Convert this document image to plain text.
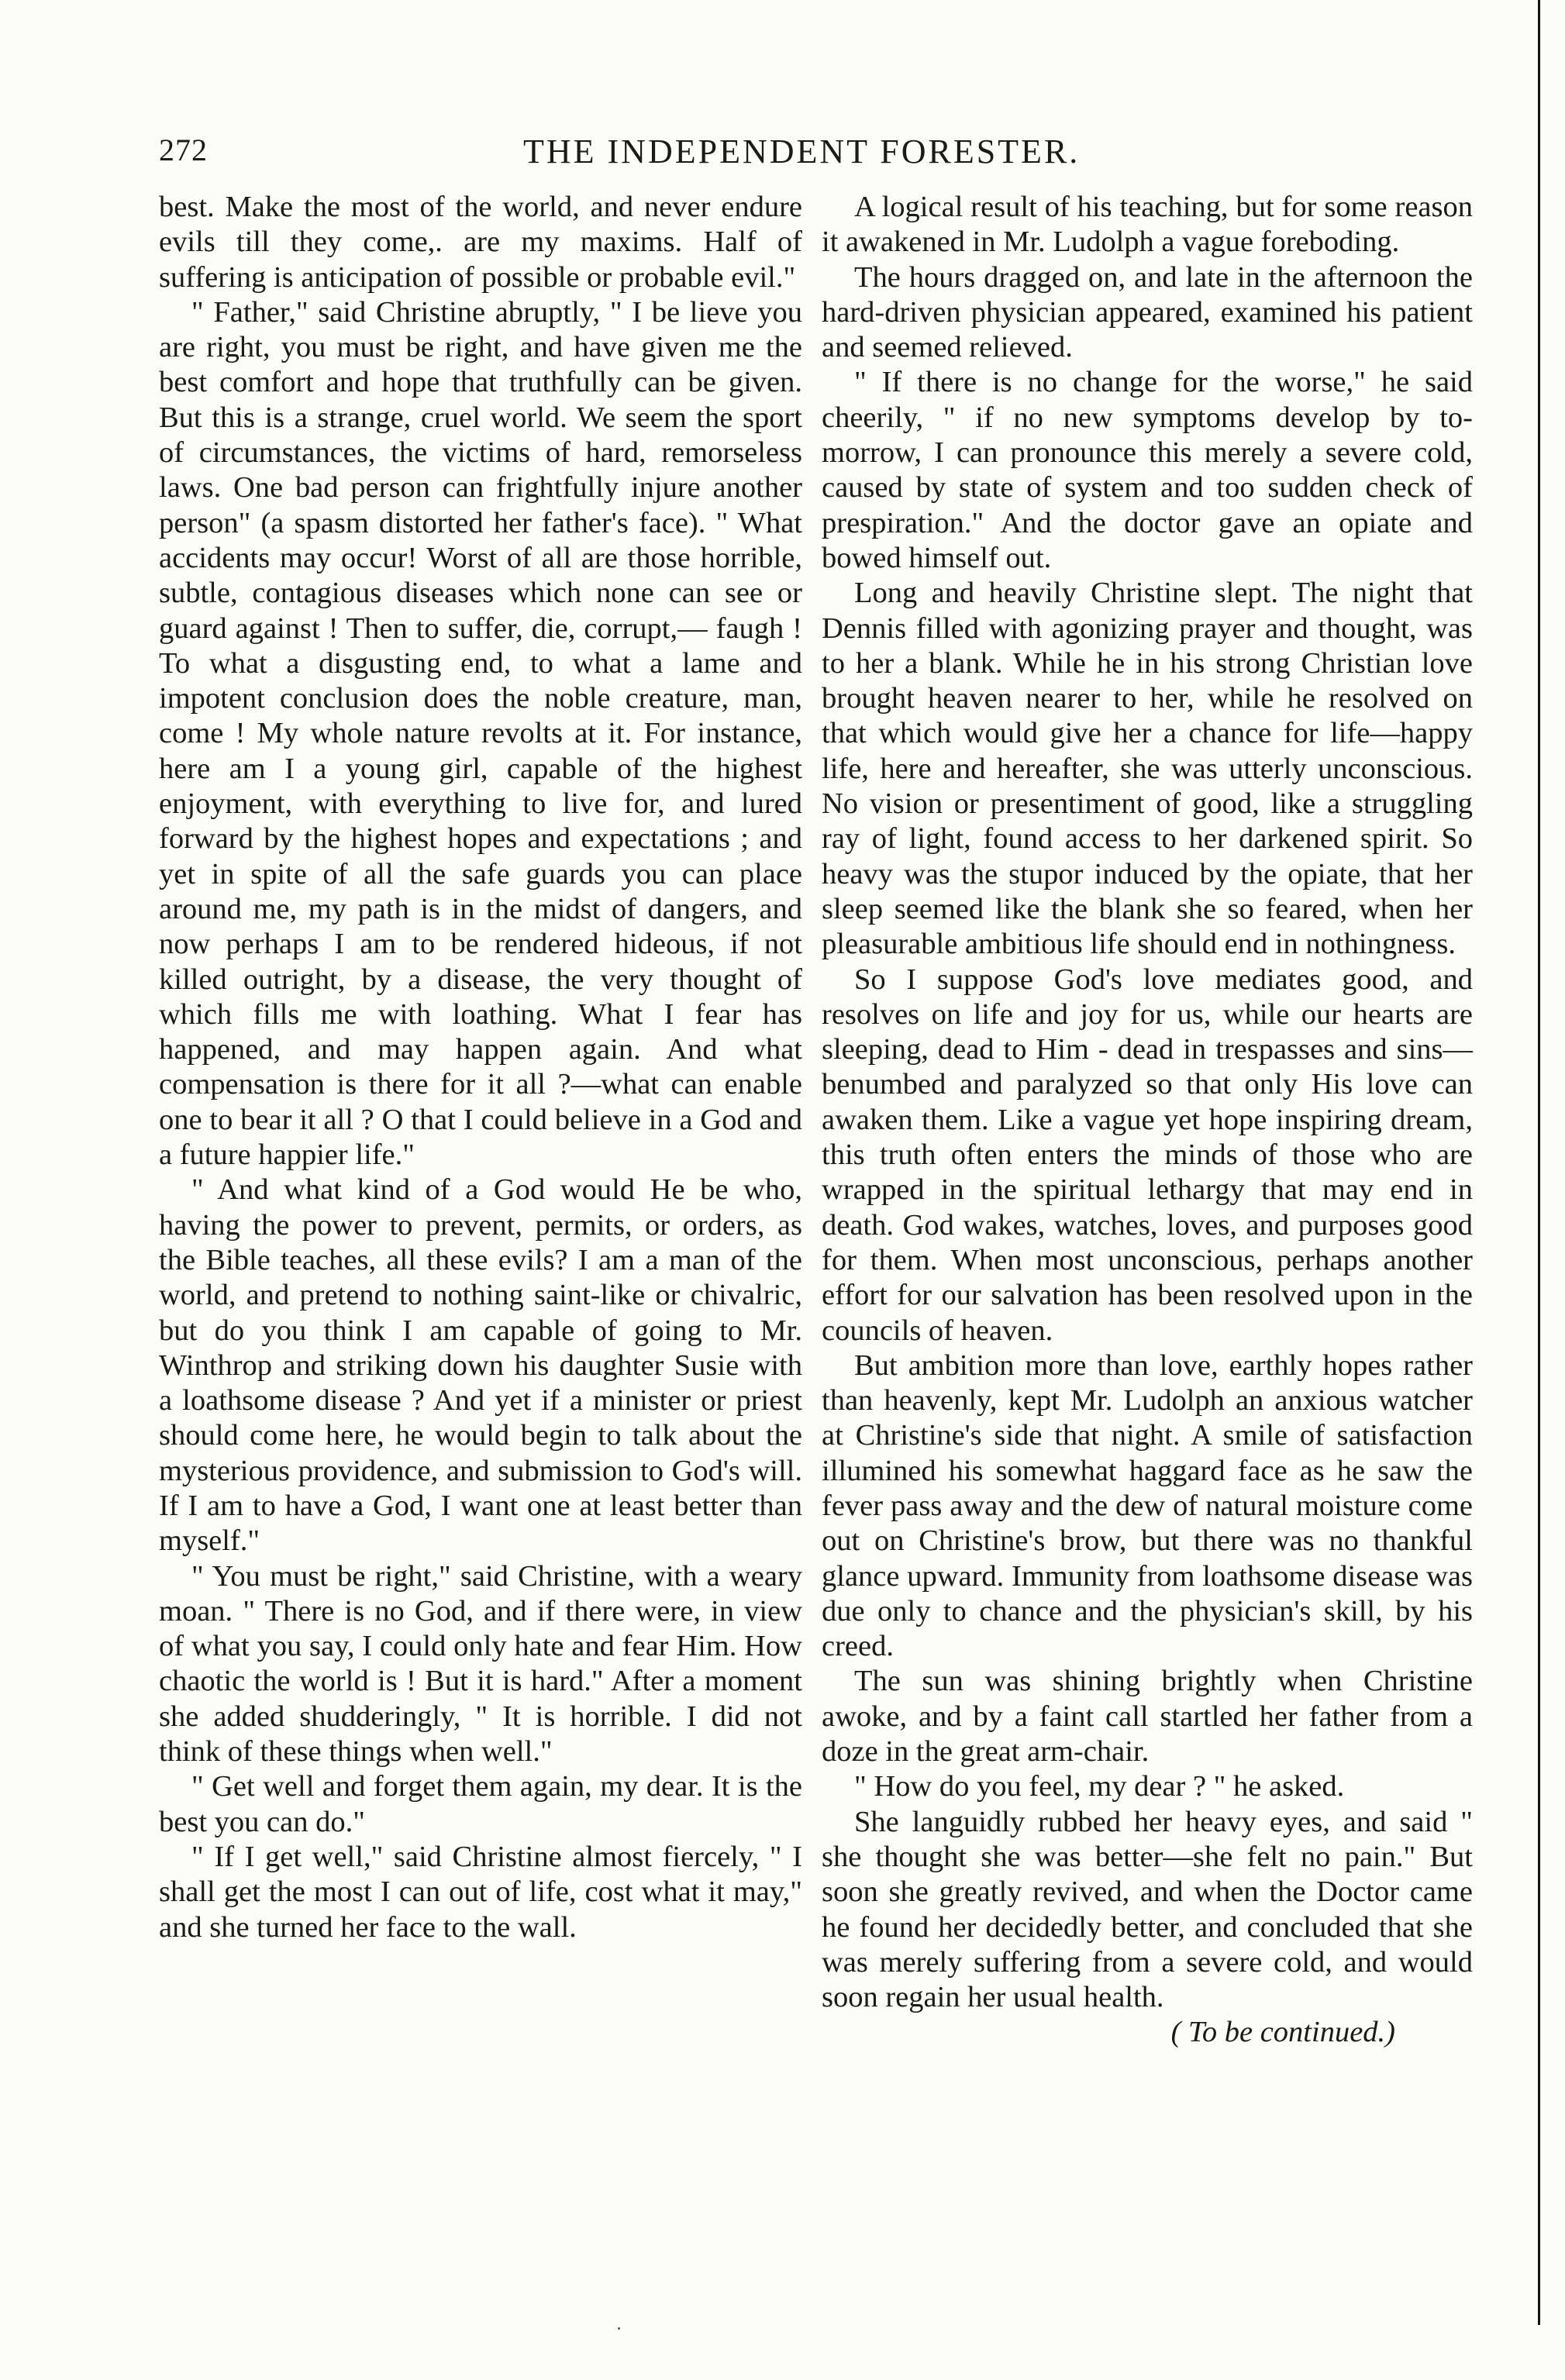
272	THE INDEPENDENT FORESTER.

best. Make the most of the world, and never endure evils till they come,. are my maxims. Half of suffering is anticipation of possible or probable evil."

" Father," said Christine abruptly, " I be lieve you are right, you must be right, and have given me the best comfort and hope that truthfully can be given. But this is a strange, cruel world. We seem the sport of circumstances, the victims of hard, remorseless laws. One bad person can frightfully injure another person" (a spasm distorted her father's face). " What accidents may occur! Worst of all are those horrible, subtle, contagious diseases which none can see or guard against ! Then to suffer, die, corrupt,— faugh ! To what a disgusting end, to what a lame and impotent conclusion does the noble creature, man, come ! My whole nature revolts at it. For instance, here am I a young girl, capable of the highest enjoyment, with everything to live for, and lured forward by the highest hopes and expectations ; and yet in spite of all the safe guards you can place around me, my path is in the midst of dangers, and now perhaps I am to be rendered hideous, if not killed outright, by a disease, the very thought of which fills me with loathing. What I fear has happened, and may happen again. And what compensation is there for it all ?—what can enable one to bear it all ? O that I could believe in a God and a future happier life."

" And what kind of a God would He be who, having the power to prevent, permits, or orders, as the Bible teaches, all these evils? I am a man of the world, and pretend to nothing saint-like or chivalric, but do you think I am capable of going to Mr. Winthrop and striking down his daughter Susie with a loathsome disease ? And yet if a minister or priest should come here, he would begin to talk about the mysterious providence, and submission to God's will. If I am to have a God, I want one at least better than myself."

" You must be right," said Christine, with a weary moan. " There is no God, and if there were, in view of what you say, I could only hate and fear Him. How chaotic the world is ! But it is hard." After a moment she added shudderingly, " It is horrible. I did not think of these things when well."

" Get well and forget them again, my dear. It is the best you can do."

" If I get well," said Christine almost fiercely, " I shall get the most I can out of life, cost what it may," and she turned her face to the wall.

A logical result of his teaching, but for some reason it awakened in Mr. Ludolph a vague foreboding.

The hours dragged on, and late in the afternoon the hard-driven physician appeared, examined his patient and seemed relieved.

" If there is no change for the worse," he said cheerily, " if no new symptoms develop by to-morrow, I can pronounce this merely a severe cold, caused by state of system and too sudden check of prespiration." And the doctor gave an opiate and bowed himself out.

Long and heavily Christine slept. The night that Dennis filled with agonizing prayer and thought, was to her a blank. While he in his strong Christian love brought heaven nearer to her, while he resolved on that which would give her a chance for life—happy life, here and hereafter, she was utterly unconscious. No vision or presentiment of good, like a struggling ray of light, found access to her darkened spirit. So heavy was the stupor induced by the opiate, that her sleep seemed like the blank she so feared, when her pleasurable ambitious life should end in nothingness.

So I suppose God's love mediates good, and resolves on life and joy for us, while our hearts are sleeping, dead to Him - dead in trespasses and sins—benumbed and paralyzed so that only His love can awaken them. Like a vague yet hope inspiring dream, this truth often enters the minds of those who are wrapped in the spiritual lethargy that may end in death. God wakes, watches, loves, and purposes good for them. When most unconscious, perhaps another effort for our salvation has been resolved upon in the councils of heaven.

But ambition more than love, earthly hopes rather than heavenly, kept Mr. Ludolph an anxious watcher at Christine's side that night. A smile of satisfaction illumined his somewhat haggard face as he saw the fever pass away and the dew of natural moisture come out on Christine's brow, but there was no thankful glance upward. Immunity from loathsome disease was due only to chance and the physician's skill, by his creed.

The sun was shining brightly when Christine awoke, and by a faint call startled her father from a doze in the great arm-chair.

" How do you feel, my dear ? " he asked.

She languidly rubbed her heavy eyes, and said " she thought she was better—she felt no pain." But soon she greatly revived, and when the Doctor came he found her decidedly better, and concluded that she was merely suffering from a severe cold, and would soon regain her usual health.

( To be continued.)
